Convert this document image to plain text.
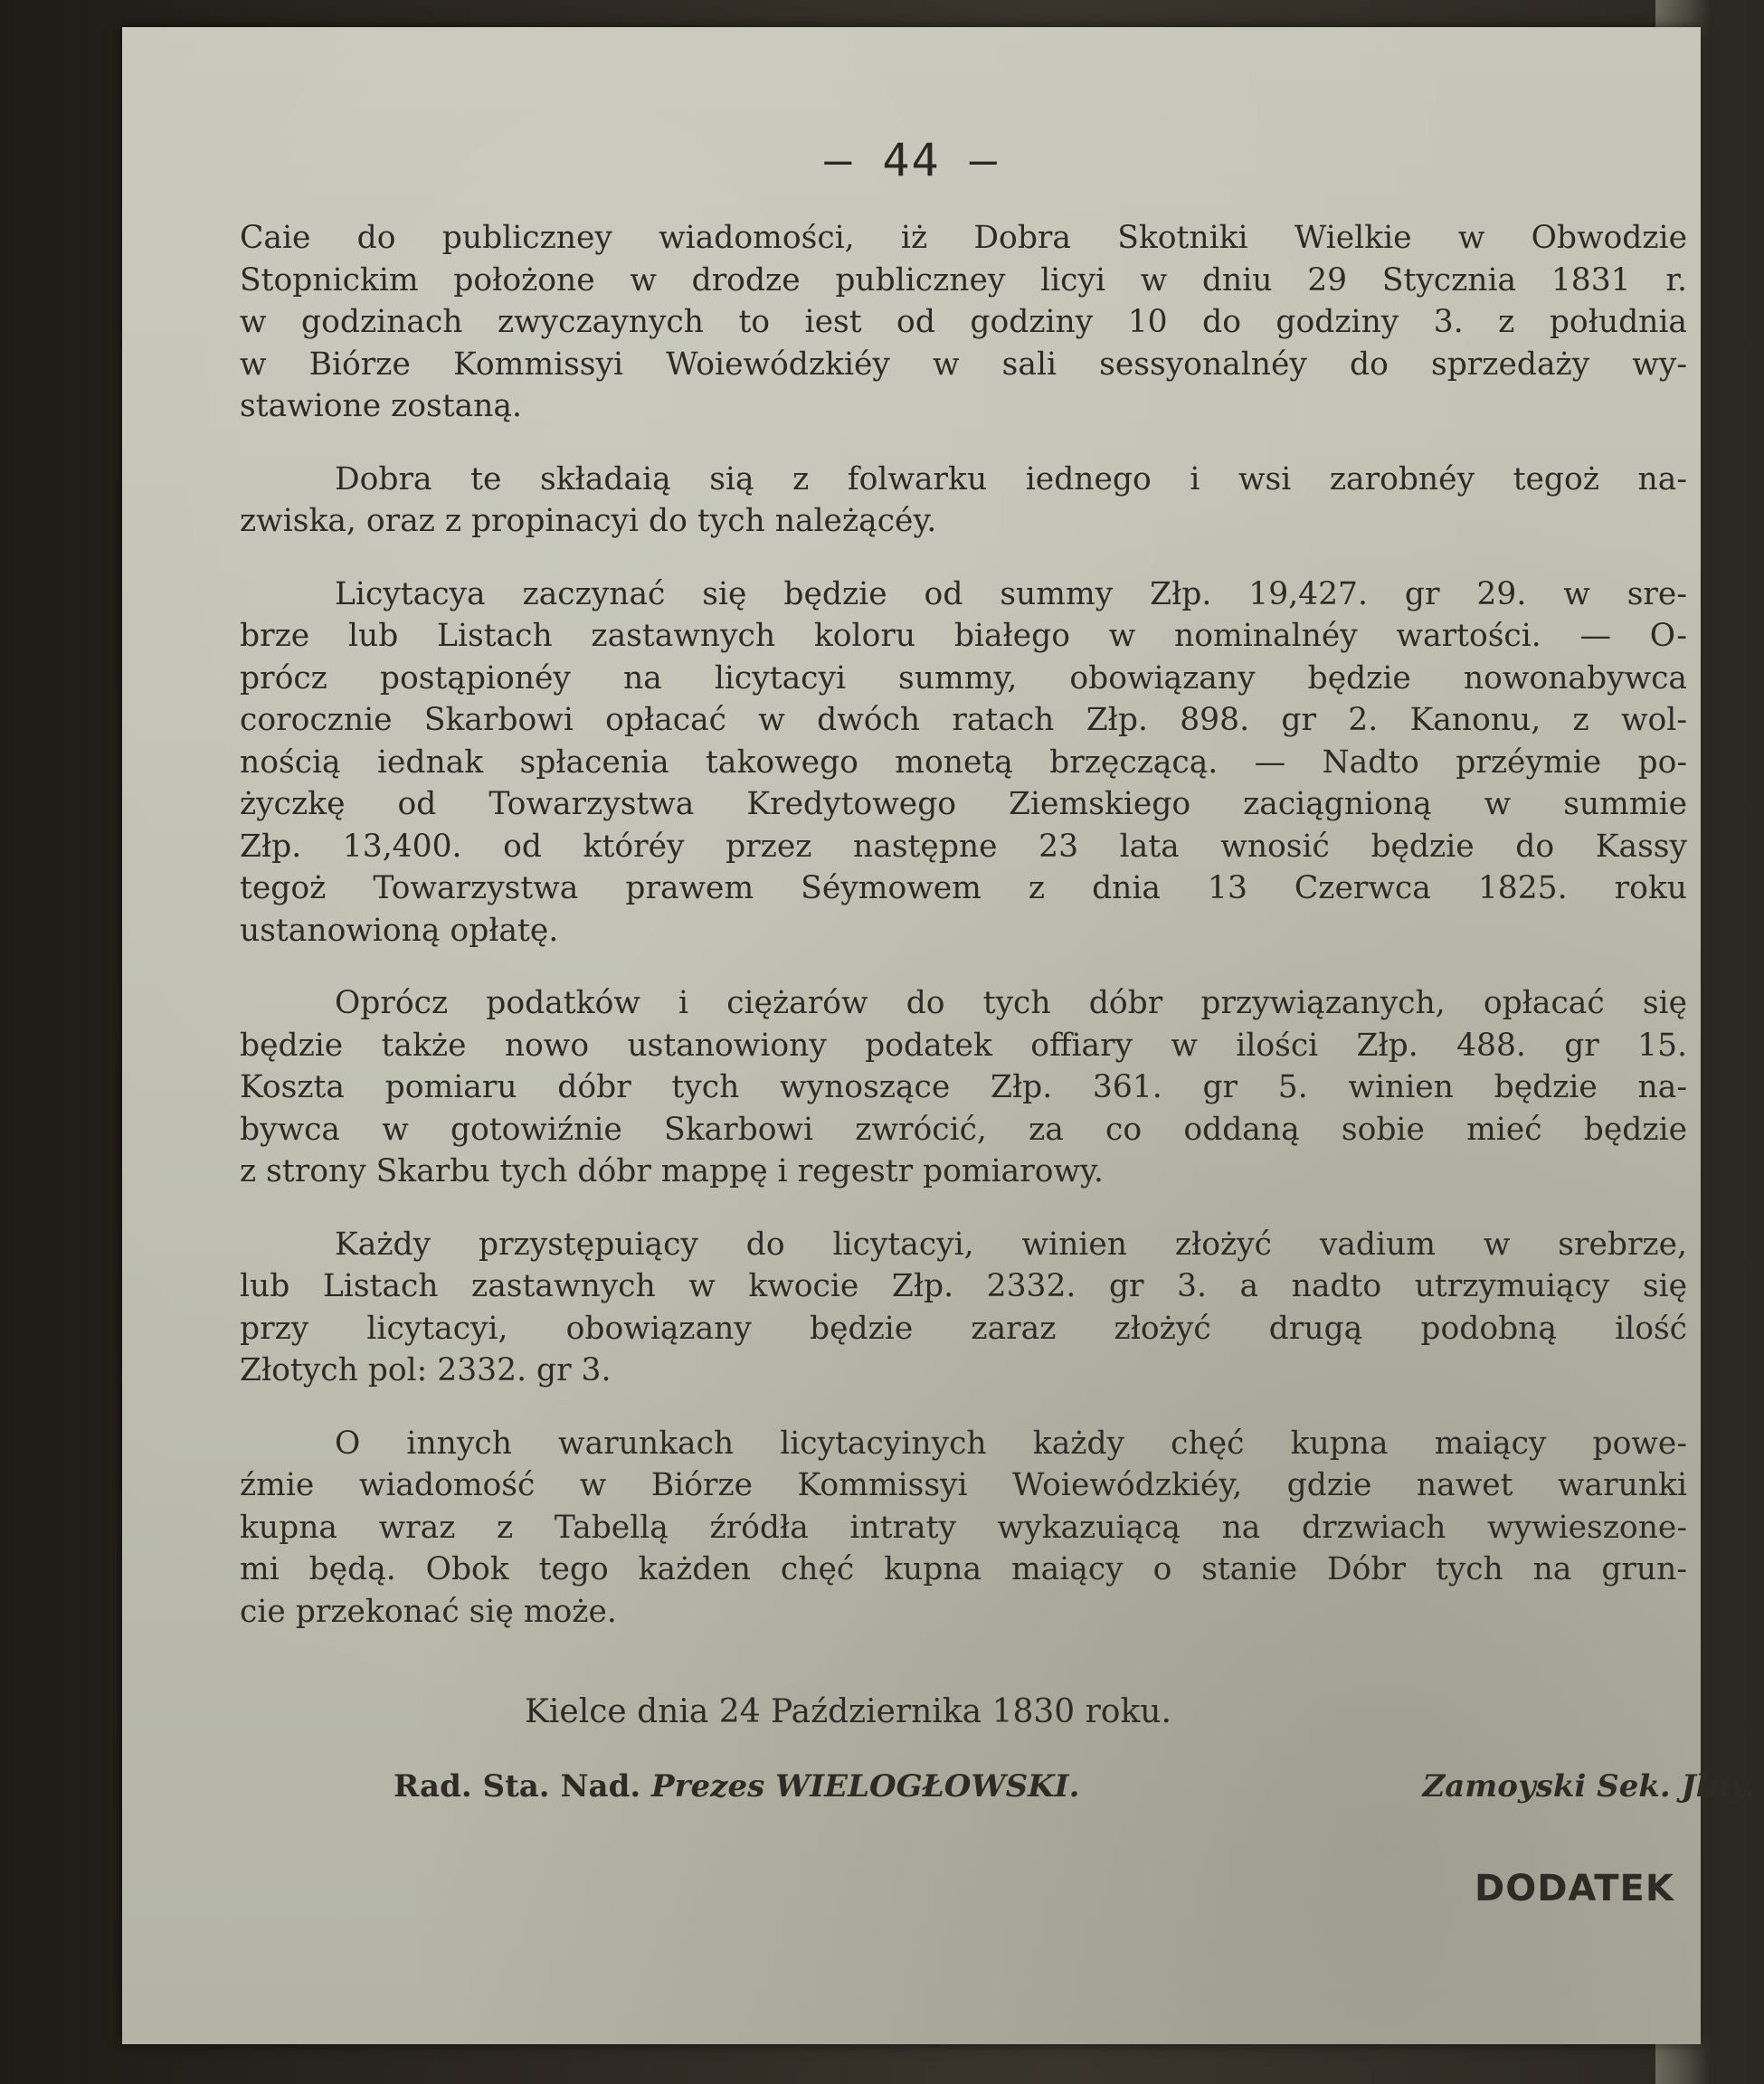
— 44 —
Caie do publiczney wiadomości, iż Dobra Skotniki Wielkie w Obwodzie
Stopnickim położone w drodze publiczney licyi w dniu 29 Stycznia 1831 r.
w godzinach zwyczaynych to iest od godziny 10 do godziny 3. z południa
w Biórze Kommissyi Woiewódzkiéy w sali sessyonalnéy do sprzedaży wy-
stawione zostaną.
Dobra te składaią sią z folwarku iednego i wsi zarobnéy tegoż na-
zwiska, oraz z propinacyi do tych należącéy.
Licytacya zaczynać się będzie od summy Złp. 19,427. gr 29. w sre-
brze lub Listach zastawnych koloru białego w nominalnéy wartości. — O-
prócz postąpionéy na licytacyi summy, obowiązany będzie nowonabywca
corocznie Skarbowi opłacać w dwóch ratach Złp. 898. gr 2. Kanonu, z wol-
nością iednak spłacenia takowego monetą brzęczącą. — Nadto przéymie po-
życzkę od Towarzystwa Kredytowego Ziemskiego zaciągnioną w summie
Złp. 13,400. od któréy przez następne 23 lata wnosić będzie do Kassy
tegoż Towarzystwa prawem Séymowem z dnia 13 Czerwca 1825. roku
ustanowioną opłatę.
Oprócz podatków i ciężarów do tych dóbr przywiązanych, opłacać się
będzie także nowo ustanowiony podatek offiary w ilości Złp. 488. gr 15.
Koszta pomiaru dóbr tych wynoszące Złp. 361. gr 5. winien będzie na-
bywca w gotowiźnie Skarbowi zwrócić, za co oddaną sobie mieć będzie
z strony Skarbu tych dóbr mappę i regestr pomiarowy.
Każdy przystępuiący do licytacyi, winien złożyć vadium w srebrze,
lub Listach zastawnych w kwocie Złp. 2332. gr 3. a nadto utrzymuiący się
przy licytacyi, obowiązany będzie zaraz złożyć drugą podobną ilość
Złotych pol: 2332. gr 3.
O innych warunkach licytacyinych każdy chęć kupna maiący powe-
źmie wiadomość w Biórze Kommissyi Woiewódzkiéy, gdzie nawet warunki
kupna wraz z Tabellą źródła intraty wykazuiącą na drzwiach wywieszone-
mi będą. Obok tego każden chęć kupna maiący o stanie Dóbr tych na grun-
cie przekonać się może.
Kielce dnia 24 Października 1830 roku.
Rad. Sta. Nad. Prezes WIELOGŁOWSKI.	Zamoyski Sek. Jlny.
DODATEK
